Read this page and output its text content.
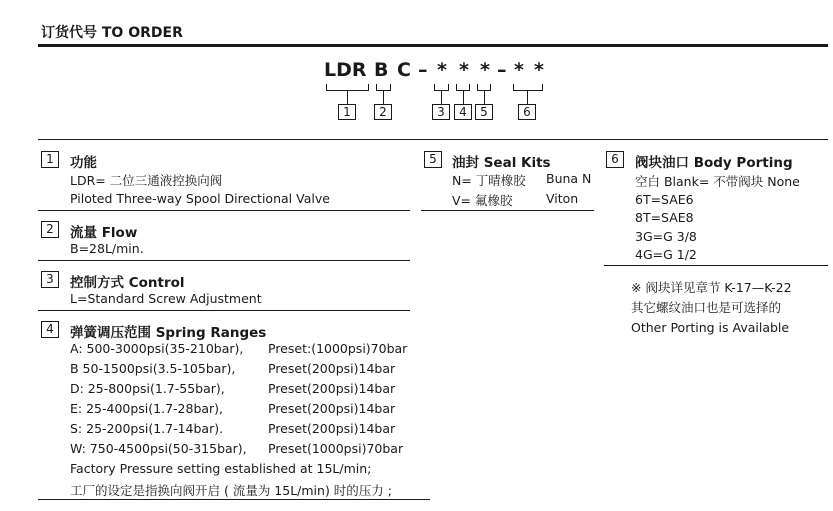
订货代号 TO ORDER
LDR B C – * * * – * *
1	2	3	4	5	6
1	功能
LDR= 二位三通液控换向阀
Piloted Three-way Spool Directional Valve
2	流量 Flow
B=28L/min.
3	控制方式 Control
L=Standard Screw Adjustment
4	弹簧调压范围 Spring Ranges
A: 500-3000psi(35-210bar), Preset:(1000psi)70bar
B 50-1500psi(3.5-105bar),	Preset(200psi)14bar
D: 25-800psi(1.7-55bar),	Preset(200psi)14bar
E: 25-400psi(1.7-28bar),	Preset(200psi)14bar
S: 25-200psi(1.7-14bar).	Preset(200psi)14bar
W: 750-4500psi(50-315bar), Preset(1000psi)70bar
Factory Pressure setting established at 15L/min;
工厂的设定是指换向阀开启 ( 流量为 15L/min) 时的压力 ;
5	油封 Seal Kits
N= 丁晴橡胶 Buna N
V= 氟橡胶	Viton
6	阀块油口 Body Porting
空白 Blank= 不带阀块 None
6T=SAE6
8T=SAE8
3G=G 3/8
4G=G 1/2
※ 阀块详见章节 K-17—K-22
其它螺纹油口也是可选择的
Other Porting is Available
